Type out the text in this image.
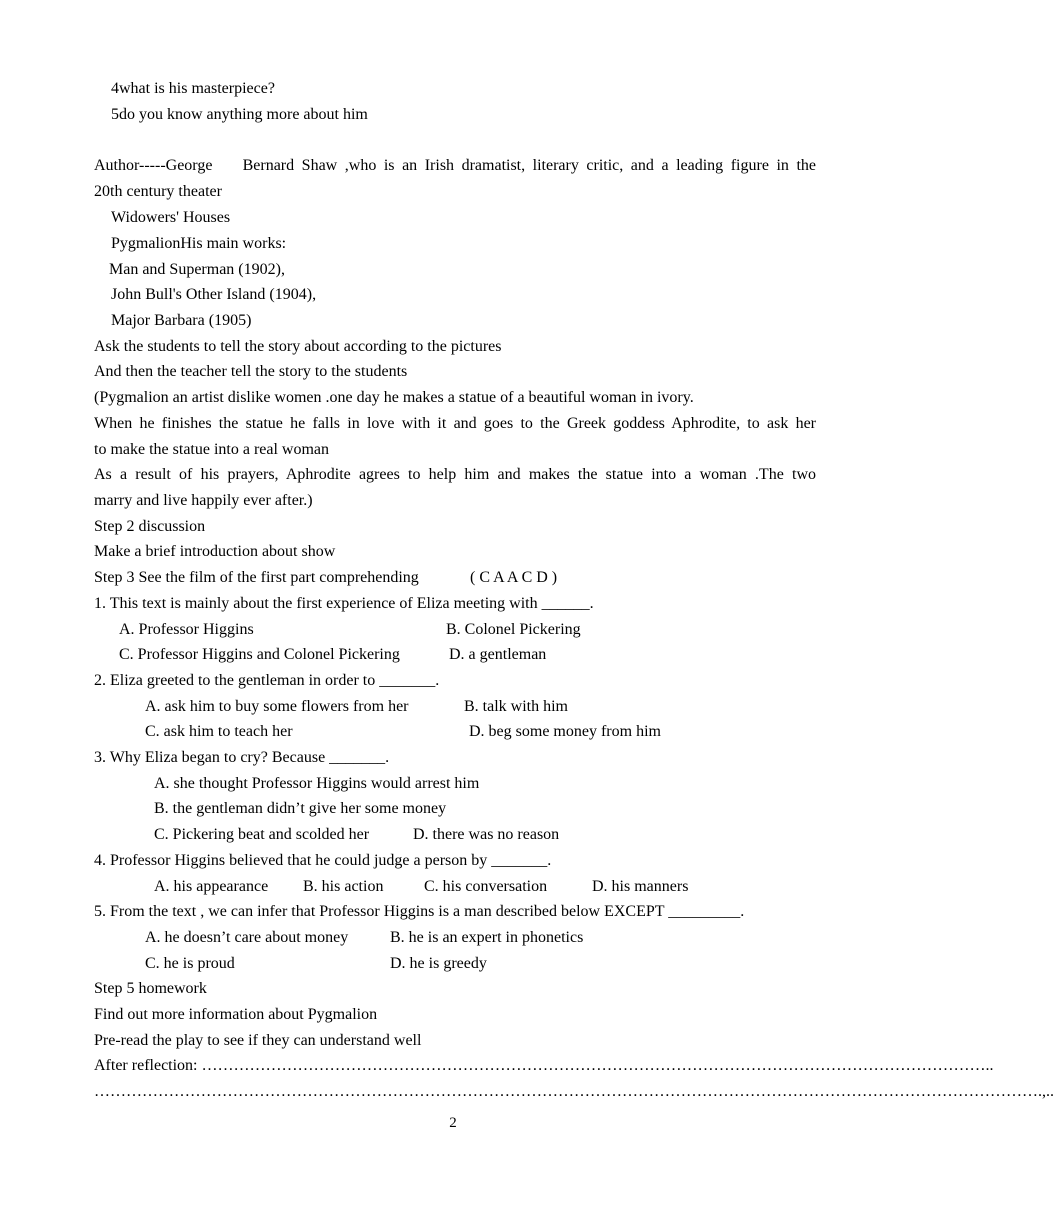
4what is his masterpiece?

5do you know anything more about him

Author-----George    Bernard Shaw ,who is an Irish dramatist, literary critic, and a leading figure in the

20th century theater

Widowers' Houses

PygmalionHis main works:

Man and Superman (1902),

John Bull's Other Island (1904),

Major Barbara (1905)

Ask the students to tell the story about according to the pictures

And then the teacher tell the story to the students

(Pygmalion an artist dislike women .one day he makes a statue of a beautiful woman in ivory.

When he finishes the statue he falls in love with it and goes to the Greek goddess Aphrodite, to ask her

to make the statue into a real woman

As a result of his prayers, Aphrodite agrees to help him and makes the statue into a woman .The two

marry and live happily ever after.)

Step 2 discussion

Make a brief introduction about show

Step 3 See the film of the first part comprehending	( C A A C D )

1. This text is mainly about the first experience of Eliza meeting with ______.

A. Professor Higgins	B. Colonel Pickering
C. Professor Higgins and Colonel Pickering	D. a gentleman

2. Eliza greeted to the gentleman in order to _______.

A. ask him to buy some flowers from her	B. talk with him
C. ask him to teach her	D. beg some money from him

3. Why Eliza began to cry? Because _______.

A. she thought Professor Higgins would arrest him
B. the gentleman didn’t give her some money
C. Pickering beat and scolded her	D. there was no reason

4. Professor Higgins believed that he could judge a person by _______.

A. his appearance B. his action	C. his conversation	D. his manners

5. From the text , we can infer that Professor Higgins is a man described below EXCEPT _________.

A. he doesn’t care about money	B. he is an expert in phonetics
C. he is proud	D. he is greedy

Step 5 homework

Find out more information about Pygmalion

Pre-read the play to see if they can understand well

After reflection: …………………………………………………………………………………………………………………………………..

…………………………………………………………………………………………………………………………………………………………….,..

2
